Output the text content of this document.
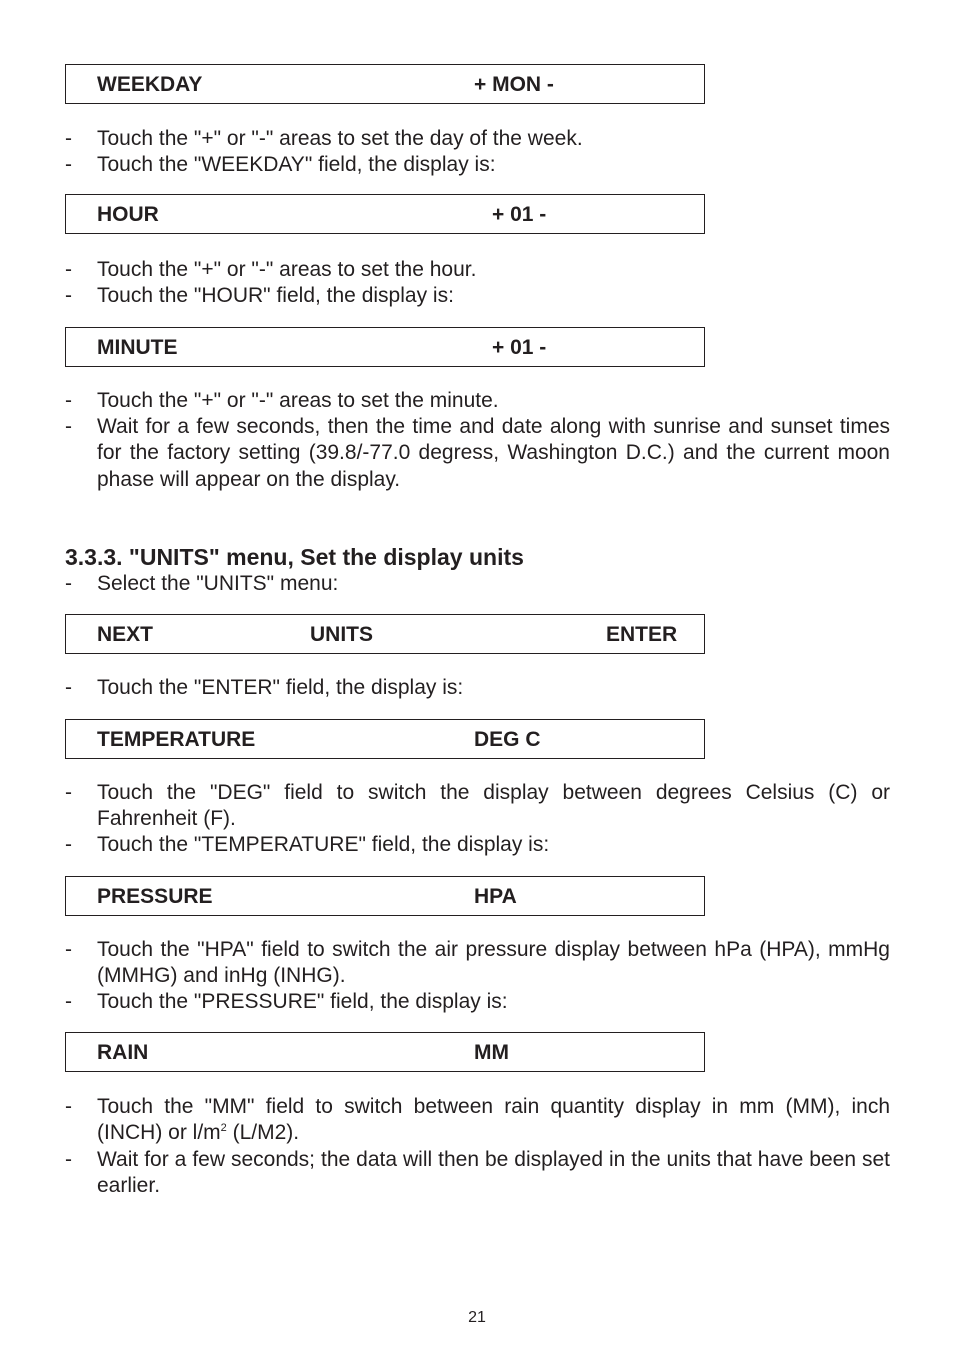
WEEKDAY	+ MON -
- Touch the "+" or "-" areas to set the day of the week.
- Touch the "WEEKDAY" field, the display is:
HOUR	+ 01 -
- Touch the "+" or "-" areas to set the hour.
- Touch the "HOUR" field, the display is:
MINUTE	+ 01 -
- Touch the "+" or "-" areas to set the minute.
- Wait for a few seconds, then the time and date along with sunrise and sunset times for the factory setting (39.8/-77.0 degress, Washington D.C.) and the current moon phase will appear on the display.
3.3.3. "UNITS" menu, Set the display units
- Select the "UNITS" menu:
NEXT	UNITS	ENTER
- Touch the "ENTER" field, the display is:
TEMPERATURE	DEG C
- Touch the "DEG" field to switch the display between degrees Celsius (C) or Fahrenheit (F).
- Touch the "TEMPERATURE" field, the display is:
PRESSURE	HPA
- Touch the "HPA" field to switch the air pressure display between hPa (HPA), mmHg (MMHG) and inHg (INHG).
- Touch the "PRESSURE" field, the display is:
RAIN	MM
- Touch the "MM" field to switch between rain quantity display in mm (MM), inch (INCH) or $l/m^2$ (L/M2).
- Wait for a few seconds; the data will then be displayed in the units that have been set earlier.
21
